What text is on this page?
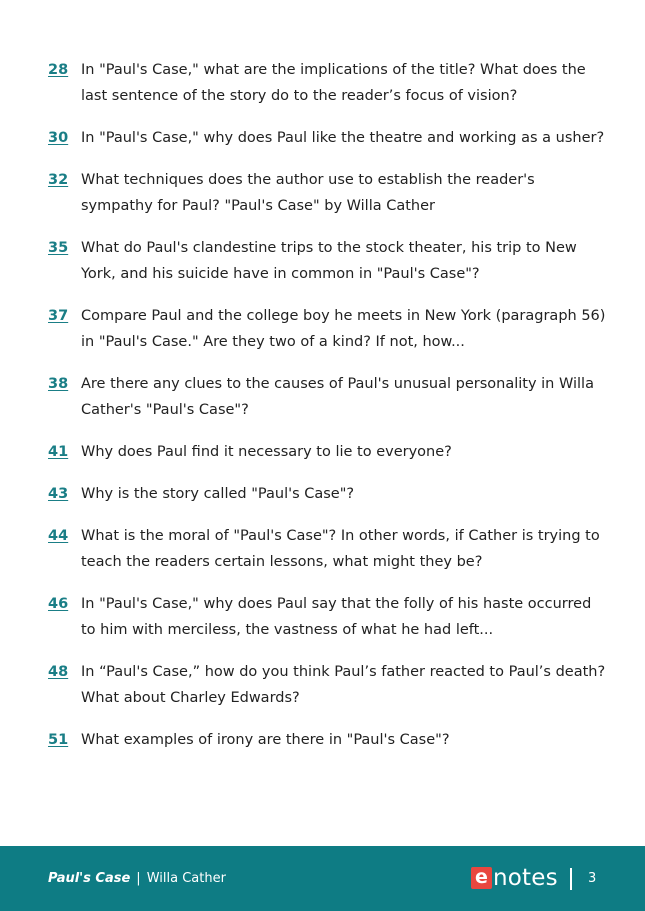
28 In "Paul's Case," what are the implications of the title? What does the last sentence of the story do to the reader’s focus of vision?

30 In "Paul's Case," why does Paul like the theatre and working as a usher?

32 What techniques does the author use to establish the reader's sympathy for Paul? "Paul's Case" by Willa Cather

35 What do Paul's clandestine trips to the stock theater, his trip to New York, and his suicide have in common in "Paul's Case"?

37 Compare Paul and the college boy he meets in New York (paragraph 56) in "Paul's Case." Are they two of a kind? If not, how...

38 Are there any clues to the causes of Paul's unusual personality in Willa Cather's "Paul's Case"?

41 Why does Paul find it necessary to lie to everyone?

43 Why is the story called "Paul's Case"?

44 What is the moral of "Paul's Case"? In other words, if Cather is trying to teach the readers certain lessons, what might they be?

46 In "Paul's Case," why does Paul say that the folly of his haste occurred to him with merciless, the vastness of what he had left...

48 In “Paul's Case,” how do you think Paul’s father reacted to Paul’s death? What about Charley Edwards?

51 What examples of irony are there in "Paul's Case"?

Paul's Case | Willa Cather	e notes 3
